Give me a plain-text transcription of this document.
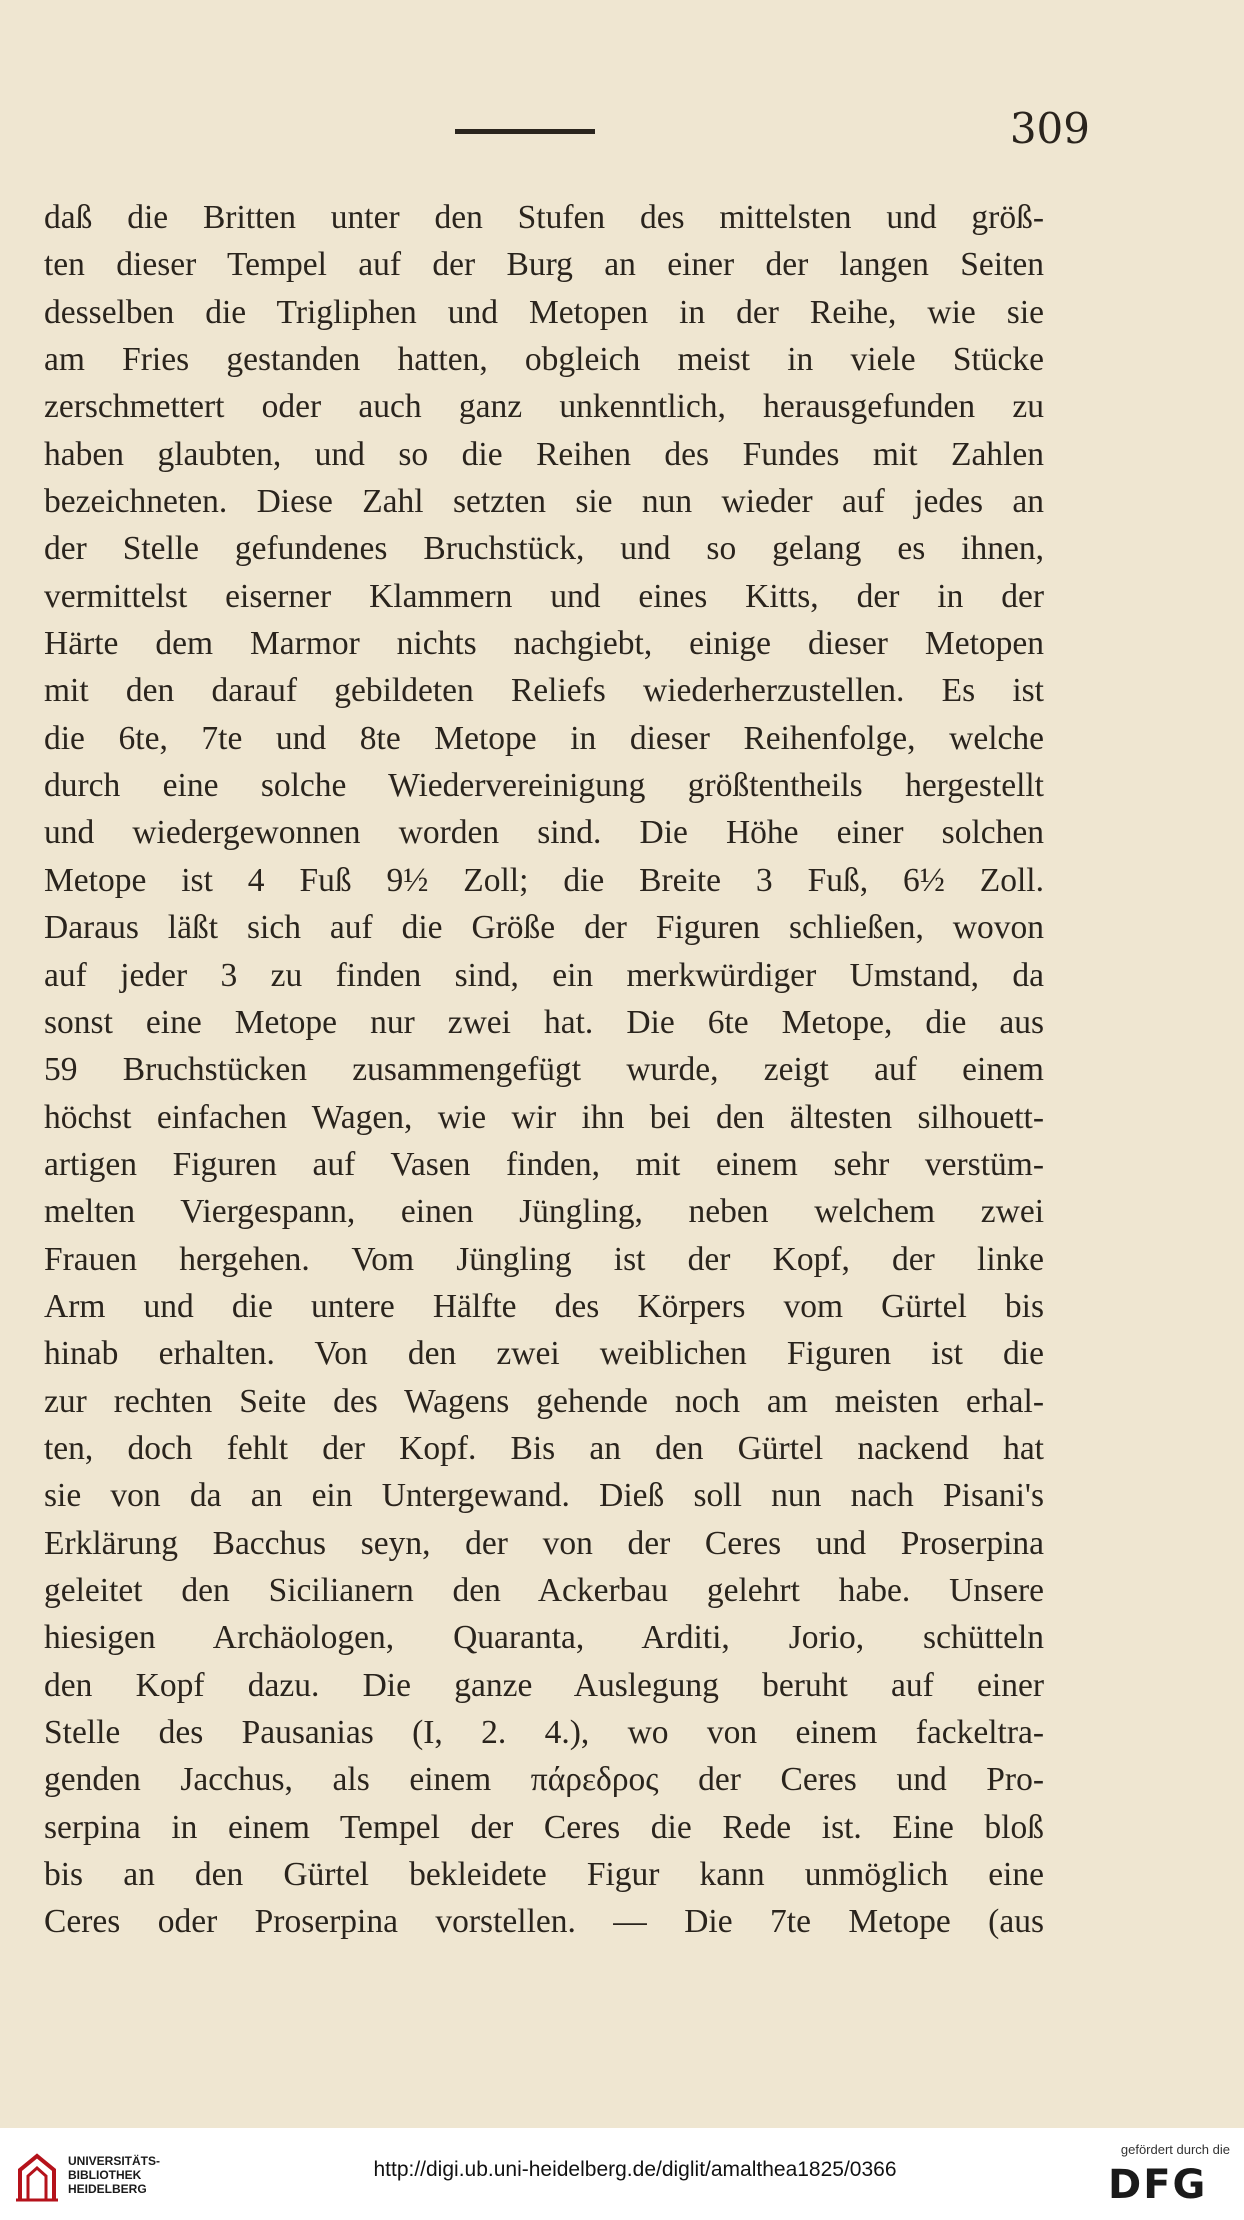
309
daß die Britten unter den Stufen des mittelsten und größ-
ten dieser Tempel auf der Burg an einer der langen Seiten
desselben die Trigliphen und Metopen in der Reihe, wie sie
am Fries gestanden hatten, obgleich meist in viele Stücke
zerschmettert oder auch ganz unkenntlich, herausgefunden zu
haben glaubten, und so die Reihen des Fundes mit Zahlen
bezeichneten. Diese Zahl setzten sie nun wieder auf jedes an
der Stelle gefundenes Bruchstück, und so gelang es ihnen,
vermittelst eiserner Klammern und eines Kitts, der in der
Härte dem Marmor nichts nachgiebt, einige dieser Metopen
mit den darauf gebildeten Reliefs wiederherzustellen. Es ist
die 6te, 7te und 8te Metope in dieser Reihenfolge, welche
durch eine solche Wiedervereinigung größtentheils hergestellt
und wiedergewonnen worden sind. Die Höhe einer solchen
Metope ist 4 Fuß 9½ Zoll; die Breite 3 Fuß, 6½ Zoll.
Daraus läßt sich auf die Größe der Figuren schließen, wovon
auf jeder 3 zu finden sind, ein merkwürdiger Umstand, da
sonst eine Metope nur zwei hat. Die 6te Metope, die aus
59 Bruchstücken zusammengefügt wurde, zeigt auf einem
höchst einfachen Wagen, wie wir ihn bei den ältesten silhouett-
artigen Figuren auf Vasen finden, mit einem sehr verstüm-
melten Viergespann, einen Jüngling, neben welchem zwei
Frauen hergehen. Vom Jüngling ist der Kopf, der linke
Arm und die untere Hälfte des Körpers vom Gürtel bis
hinab erhalten. Von den zwei weiblichen Figuren ist die
zur rechten Seite des Wagens gehende noch am meisten erhal-
ten, doch fehlt der Kopf. Bis an den Gürtel nackend hat
sie von da an ein Untergewand. Dieß soll nun nach Pisani's
Erklärung Bacchus seyn, der von der Ceres und Proserpina
geleitet den Sicilianern den Ackerbau gelehrt habe. Unsere
hiesigen Archäologen, Quaranta, Arditi, Jorio, schütteln
den Kopf dazu. Die ganze Auslegung beruht auf einer
Stelle des Pausanias (I, 2. 4.), wo von einem fackeltra-
genden Jacchus, als einem πάρεδρος der Ceres und Pro-
serpina in einem Tempel der Ceres die Rede ist. Eine bloß
bis an den Gürtel bekleidete Figur kann unmöglich eine
Ceres oder Proserpina vorstellen. — Die 7te Metope (aus
UNIVERSITÄTS-
BIBLIOTHEK
HEIDELBERG
http://digi.ub.uni-heidelberg.de/diglit/amalthea1825/0366
gefördert durch die
DFG
